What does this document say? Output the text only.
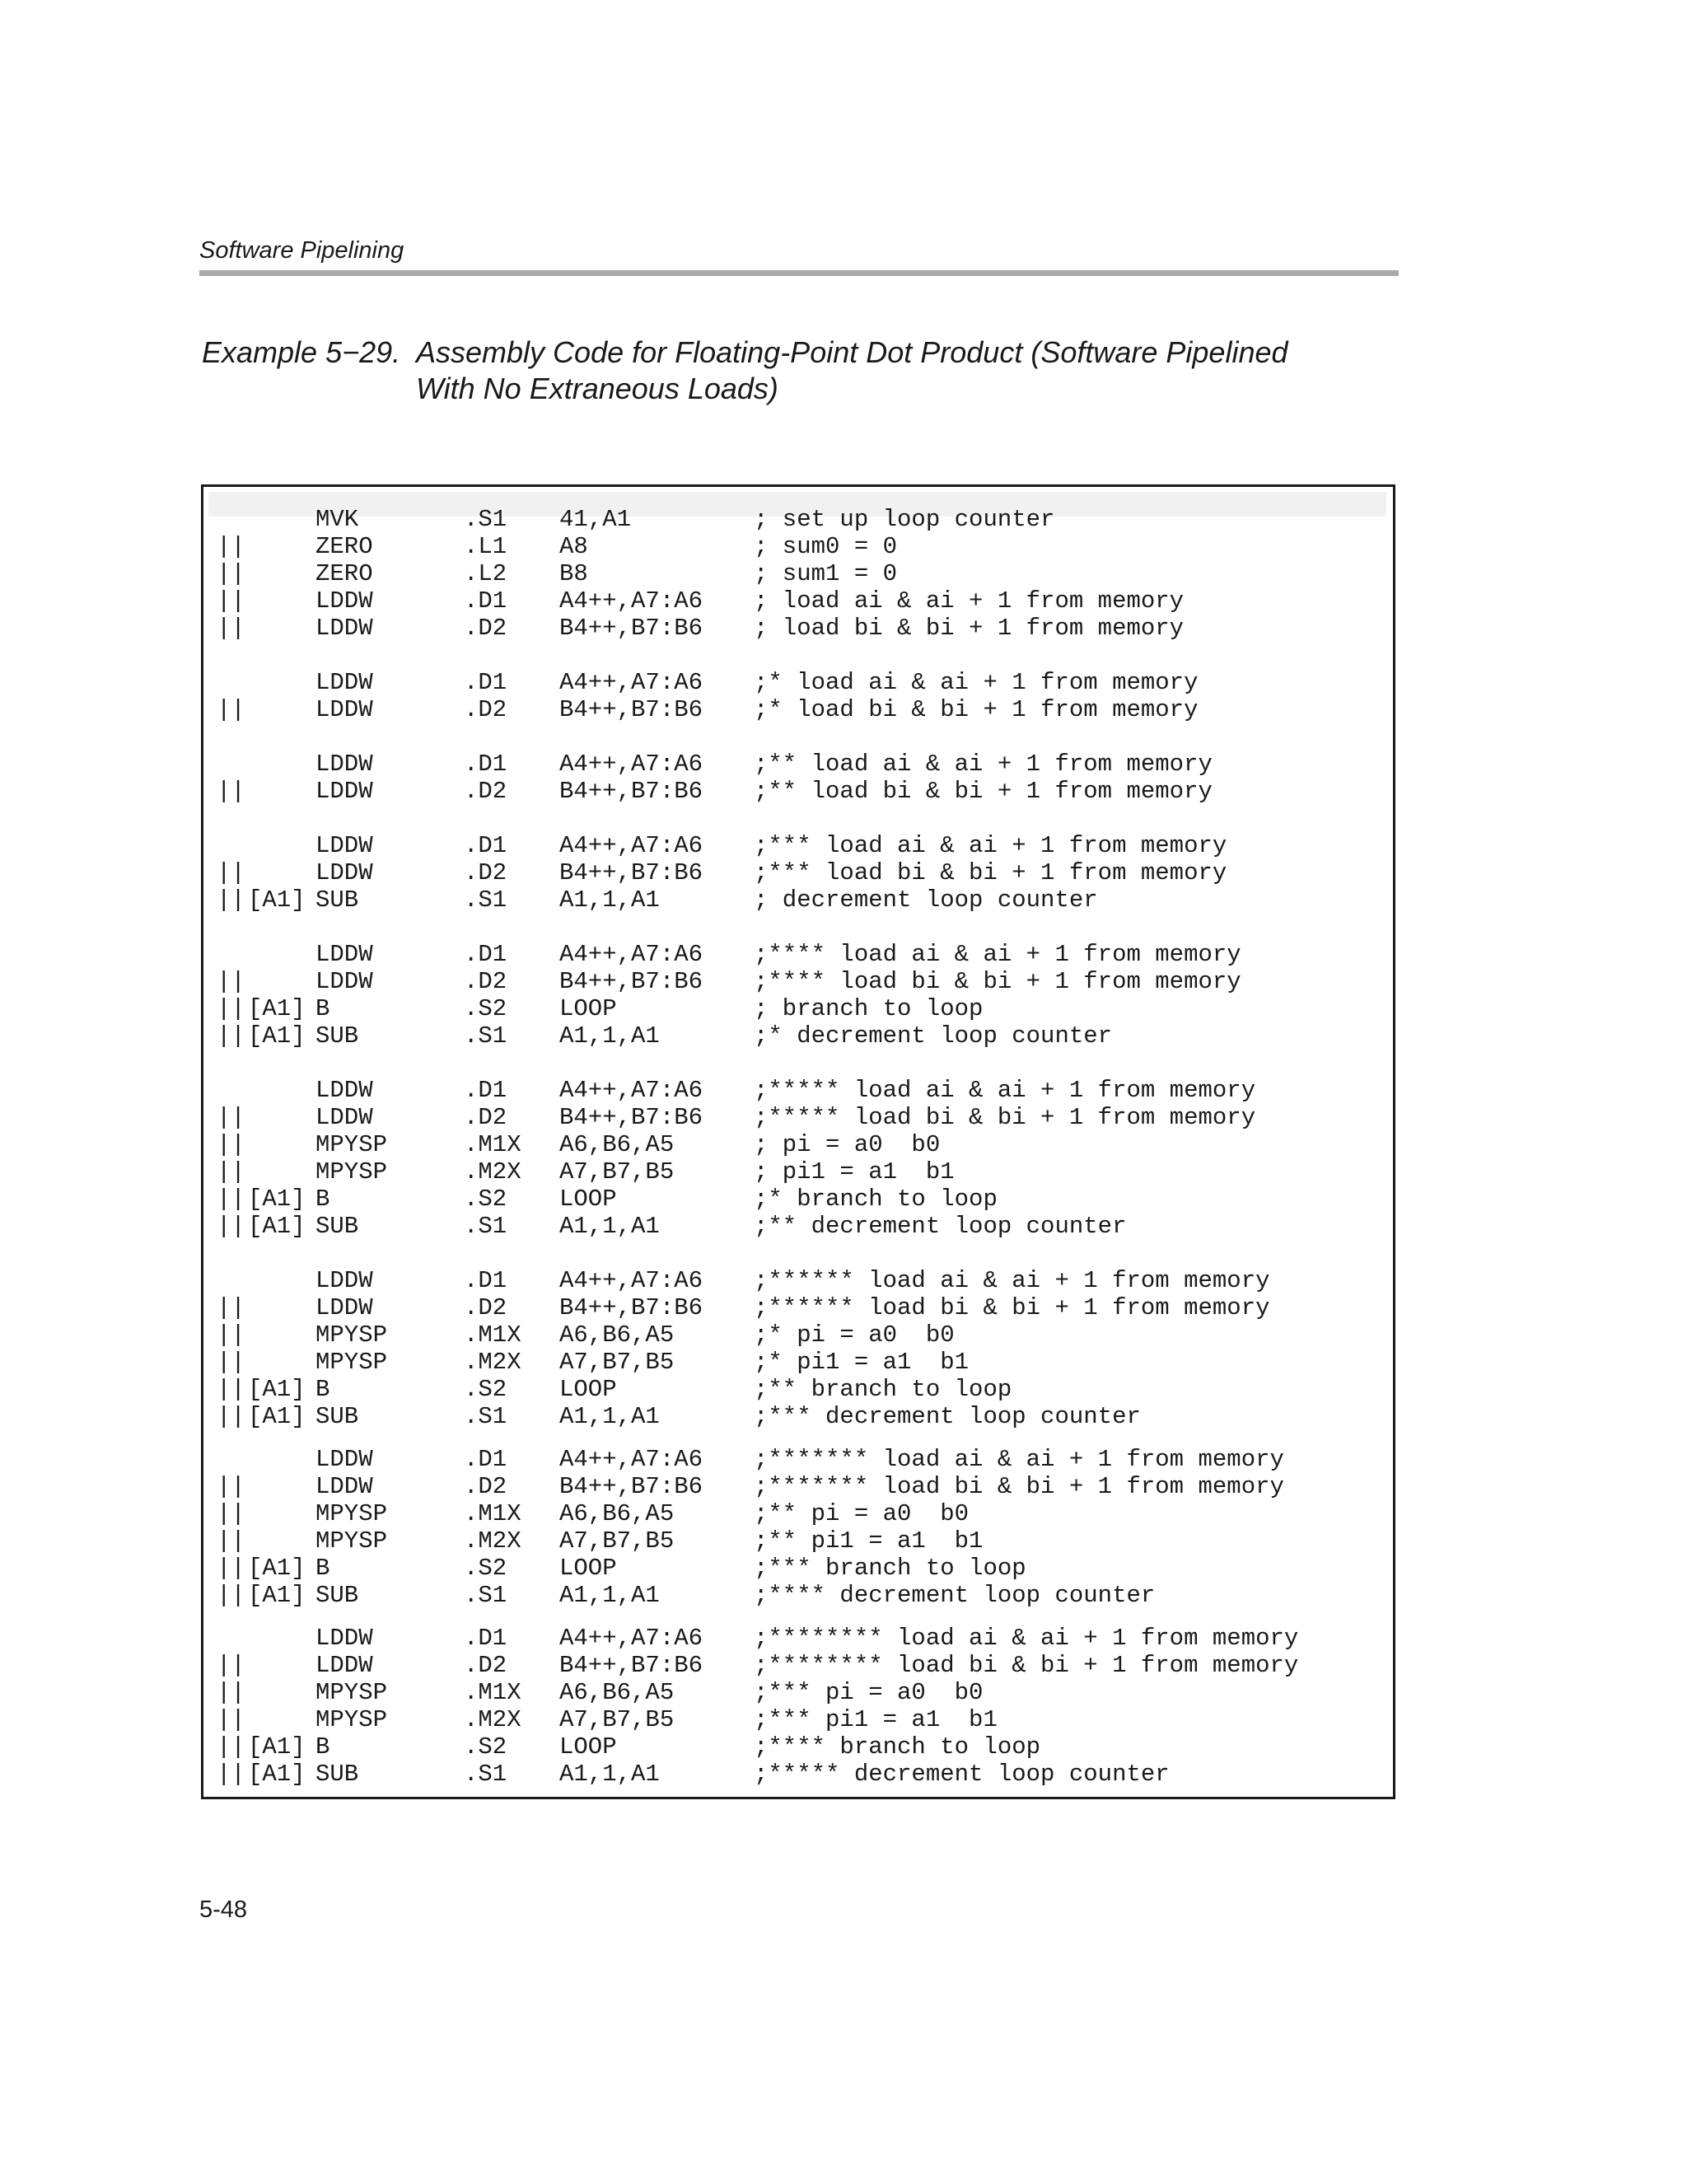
Software Pipelining
Example 5−29. Assembly Code for Floating-Point Dot Product (Software Pipelined
With No Extraneous Loads)
MVK	.S1 41,A1	; set up loop counter
||	ZERO	.L1 A8	; sum0 = 0
||	ZERO	.L2 B8	; sum1 = 0
||	LDDW	.D1 A4++,A7:A6 ; load ai & ai + 1 from memory
||	LDDW	.D2 B4++,B7:B6 ; load bi & bi + 1 from memory
LDDW	.D1 A4++,A7:A6 ;* load ai & ai + 1 from memory
||	LDDW	.D2 B4++,B7:B6 ;* load bi & bi + 1 from memory
LDDW	.D1 A4++,A7:A6 ;** load ai & ai + 1 from memory
||	LDDW	.D2 B4++,B7:B6 ;** load bi & bi + 1 from memory
LDDW	.D1 A4++,A7:A6 ;*** load ai & ai + 1 from memory
||	LDDW	.D2 B4++,B7:B6 ;*** load bi & bi + 1 from memory
|| [A1] SUB	.S1 A1,1,A1	; decrement loop counter
LDDW	.D1 A4++,A7:A6 ;**** load ai & ai + 1 from memory
||	LDDW	.D2 B4++,B7:B6 ;**** load bi & bi + 1 from memory
|| [A1] B	.S2 LOOP	; branch to loop
|| [A1] SUB	.S1 A1,1,A1	;* decrement loop counter
LDDW	.D1 A4++,A7:A6 ;***** load ai & ai + 1 from memory
||	LDDW	.D2 B4++,B7:B6 ;***** load bi & bi + 1 from memory
||	MPYSP	.M1X A6,B6,A5	; pi = a0  b0
||	MPYSP	.M2X A7,B7,B5	; pi1 = a1  b1
|| [A1] B	.S2 LOOP	;* branch to loop
|| [A1] SUB	.S1 A1,1,A1	;** decrement loop counter
LDDW	.D1 A4++,A7:A6 ;****** load ai & ai + 1 from memory
||	LDDW	.D2 B4++,B7:B6 ;****** load bi & bi + 1 from memory
||	MPYSP	.M1X A6,B6,A5	;* pi = a0  b0
||	MPYSP	.M2X A7,B7,B5	;* pi1 = a1  b1
|| [A1] B	.S2 LOOP	;** branch to loop
|| [A1] SUB	.S1 A1,1,A1	;*** decrement loop counter
LDDW	.D1 A4++,A7:A6 ;******* load ai & ai + 1 from memory
||	LDDW	.D2 B4++,B7:B6 ;******* load bi & bi + 1 from memory
||	MPYSP	.M1X A6,B6,A5	;** pi = a0  b0
||	MPYSP	.M2X A7,B7,B5	;** pi1 = a1  b1
|| [A1] B	.S2 LOOP	;*** branch to loop
|| [A1] SUB	.S1 A1,1,A1	;**** decrement loop counter
LDDW	.D1 A4++,A7:A6 ;******** load ai & ai + 1 from memory
||	LDDW	.D2 B4++,B7:B6 ;******** load bi & bi + 1 from memory
||	MPYSP	.M1X A6,B6,A5	;*** pi = a0  b0
||	MPYSP	.M2X A7,B7,B5	;*** pi1 = a1  b1
|| [A1] B	.S2 LOOP	;**** branch to loop
|| [A1] SUB	.S1 A1,1,A1	;***** decrement loop counter
5-48
